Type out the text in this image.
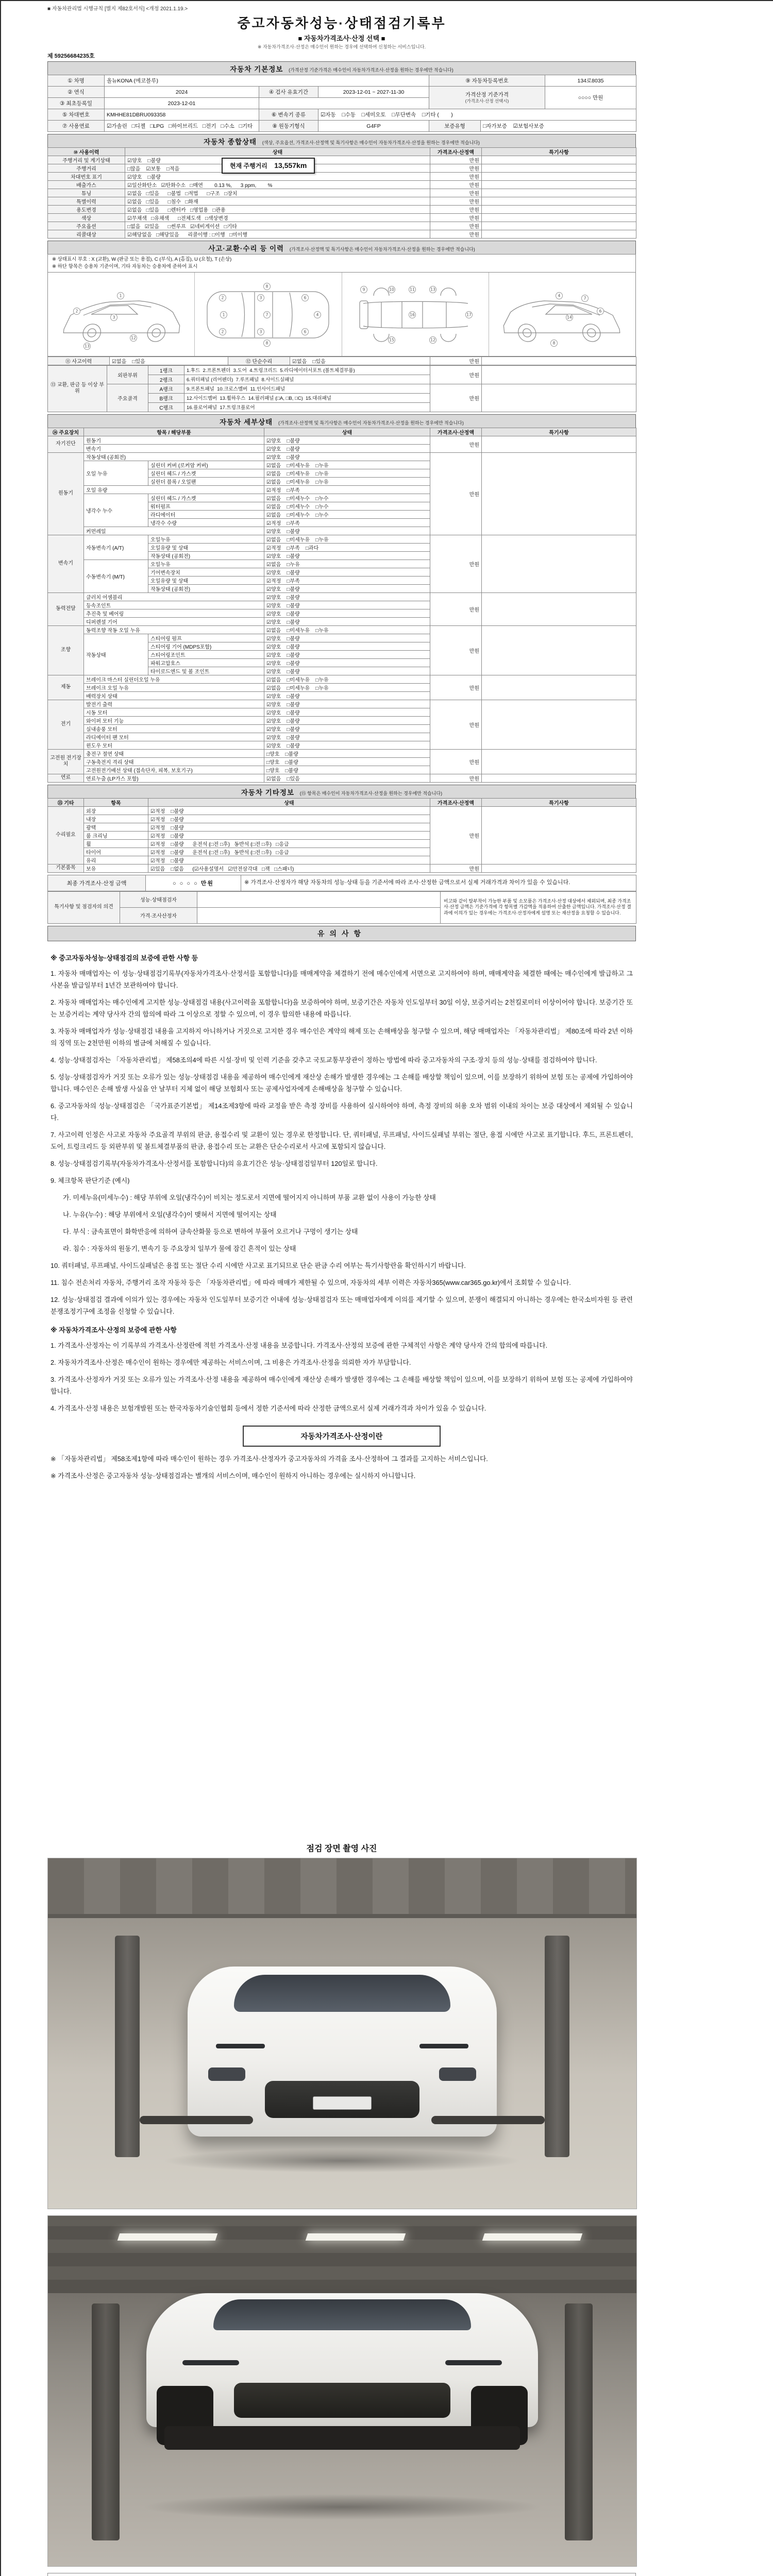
■ 자동차관리법 시행규칙 [별지 제82호서식] <개정 2021.1.19.>
중고자동차성능·상태점검기록부
■ 자동차가격조사·산정 선택 ■
※ 자동차가격조사·산정은 매수인이 원하는 경우에 선택하여 신청하는 서비스입니다.
제 59256684235호
자동차 기본정보 (가격산정 기준가격은 매수인이 자동차가격조사·산정을 원하는 경우에만 적습니다)
① 차명	올뉴KONA (에코블루)			⑨ 자동차등록번호		134로8035
② 연식	2024	④ 검사 유효기간	2023-12-01 ~ 2027-11-30	가격산정 기준가격
(가격조사·산정 선택시)		○○○○ 만원
③ 최초등록일	2023-12-01					
⑤ 차대번호	KMHHE81DBRU093358	⑥ 변속기 종류	☑자동    □수동    □세미오토    □무단변속    □기타 (        )			
⑦ 사용연료	☑가솔린   □디젤   □LPG   □하이브리드   □전기   □수소   □기타	⑧ 원동기형식	G4FP	보증유형	□자가보증    ☑보험사보증	
자동차 종합상태 (색상, 주요옵션, 가격조사·산정액 및 특기사항은 매수인이 자동차가격조사·산정을 원하는 경우에만 적습니다)
현재 주행거리 13,557km
⑩ 사용이력	상태	가격조사·산정액	특기사항
주행거리 및 계기상태	☑양호    □불량	만원	
주행거리	□많음    ☑보통    □적음	만원	
차대번호 표기	☑양호    □불량	만원	
배출가스	☑일산화탄소   ☑탄화수소   □매연        0.13 %,      3 ppm,        %	만원	
튜닝	☑없음   □있음      □불법   □적법      □구조   □장치	만원	
특별이력	☑없음   □있음      □침수   □화재	만원	
용도변경	☑없음   □있음      □렌터카   □영업용   □관용	만원	
색상	☑무채색   □유채색      □전체도색   □색상변경	만원	
주요옵션	□없음   ☑있음      □썬루프   ☑네비게이션   □기타	만원	
리콜대상	☑해당없음   □해당있음      리콜이행 : □이행   □미이행	만원	
사고·교환·수리 등 이력 (가격조사·산정액 및 특기사항은 매수인이 자동차가격조사·산정을 원하는 경우에만 적습니다)
※ 상태표시 부호 : X (교환), W (판금 또는 용접), C (부식), A (흠집), U (요철), T (손상)
※ 하단 항목은 승용차 기준이며, 기타 자동차는 승용차에 준하여 표시
1
2
3
13
12
1	7	4
2
2
3
3
6
6
8
8
9	10	11	13
16
15	12
17
4
6
14
8
7
⑪ 사고이력	☑없음    □있음	⑫ 단순수리	☑없음    □있음	만원	
⑬ 교환, 판금 등 이상 부위	외판부위	1랭크	1.후드  2.프론트펜더  3.도어  4.트렁크리드  5.라디에이터서포트 (볼트체결부품)	만원	
		2랭크	6.쿼터패널 (리어펜더)  7.루프패널  8.사이드실패널		
	주요골격	A랭크	9.프론트패널  10.크로스멤버  11.인사이드패널	만원	
		B랭크	12.사이드멤버  13.휠하우스  14.필러패널 (□A, □B, □C)  15.대쉬패널		
		C랭크	16.플로어패널  17.트렁크플로어		
자동차 세부상태 (가격조사·산정액 및 특기사항은 매수인이 자동차가격조사·산정을 원하는 경우에만 적습니다)
⑭ 주요장치	항목 / 해당부품		상태	가격조사·산정액	특기사항
자기진단	원동기		☑양호    □불량	만원	
	변속기		☑양호    □불량		
원동기	작동상태 (공회전)		☑양호    □불량	만원	
	오일 누유	실린더 커버 (로커암 커버)	☑없음    □미세누유    □누유		
		실린더 헤드 / 가스켓	☑없음    □미세누유    □누유		
		실린더 블록 / 오일팬	☑없음    □미세누유    □누유		
	오일 유량		☑적정    □부족		
	냉각수 누수	실린더 헤드 / 가스켓	☑없음    □미세누수    □누수		
		워터펌프	☑없음    □미세누수    □누수		
		라디에이터	☑없음    □미세누수    □누수		
		냉각수 수량	☑적정    □부족		
	커먼레일		☑양호    □불량		
변속기	자동변속기 (A/T)	오일누유	☑없음    □미세누유    □누유	만원	
		오일유량 및 상태	☑적정    □부족    □과다		
		작동상태 (공회전)	☑양호    □불량		
	수동변속기 (M/T)	오일누유	☑없음    □누유		
		기어변속장치	☑양호    □불량		
		오일유량 및 상태	☑적정    □부족		
		작동상태 (공회전)	☑양호    □불량		
동력전달	클러치 어셈블리		☑양호    □불량	만원	
	등속조인트		☑양호    □불량		
	추진축 및 베어링		☑양호    □불량		
	디퍼렌셜 기어		☑양호    □불량		
조향	동력조향 작동 오일 누유		☑없음    □미세누유    □누유	만원	
	작동상태	스티어링 펌프	☑양호    □불량		
		스티어링 기어 (MDPS포함)	☑양호    □불량		
		스티어링조인트	☑양호    □불량		
		파워고압호스	☑양호    □불량		
		타이로드엔드 및 볼 조인트	☑양호    □불량		
제동	브레이크 마스터 실린더오일 누유		☑없음    □미세누유    □누유	만원	
	브레이크 오일 누유		☑없음    □미세누유    □누유		
	배력장치 상태		☑양호    □불량		
전기	발전기 출력		☑양호    □불량	만원	
	시동 모터		☑양호    □불량		
	와이퍼 모터 기능		☑양호    □불량		
	실내송풍 모터		☑양호    □불량		
	라디에이터 팬 모터		☑양호    □불량		
	윈도우 모터		☑양호    □불량		
고전원 전기장치	충전구 절연 상태		□양호    □불량	만원	
	구동축전지 격리 상태		□양호    □불량		
	고전원전기배선 상태 (접속단자, 피복, 보호기구)		□양호    □불량		
연료	연료누출 (LP가스 포함)		☑없음    □있음	만원	
자동차 기타정보 (⑮ 항목은 매수인이 자동차가격조사·산정을 원하는 경우에만 적습니다)
⑮ 기타	항목	상태	가격조사·산정액	특기사항
수리필요	외장	☑적정    □불량	만원	
	내장	☑적정    □불량		
	광택	☑적정    □불량		
	룸 크리닝	☑적정    □불량		
	휠	☑적정    □불량      운전석 (□전 □후)   동반석 (□전 □후)   □응급		
	타이어	☑적정    □불량      운전석 (□전 □후)   동반석 (□전 □후)   □응급		
	유리	☑적정    □불량		
기본품목	보유	☑있음    □없음      (☑사용설명서   ☑안전삼각대   □잭   □스패너)	만원	
최종 가격조사·산정 금액	○ ○ ○ ○ 만원	※ 가격조사·산정자가 해당 자동차의 성능·상태 등을 기준서에 따라 조사·산정한 금액으로서 실제 거래가격과 차이가 있을 수 있습니다.
특기사항 및 점검자의 의견	성능·상태점검자		비고와 같이 탈부착이 가능한 부품 및 소모품은 가격조사·산정 대상에서 제외되며, 최종 가격조사·산정 금액은 기준가격에 각 항목별 가감액을 적용하여 산출한 금액입니다. 가격조사·산정 결과에 이의가 있는 경우에는 가격조사·산정자에게 설명 또는 재산정을 요청할 수 있습니다.
	가격·조사산정자		
유의사항

※ 중고자동차성능·상태점검의 보증에 관한 사항 등

1. 자동차 매매업자는 이 성능·상태점검기록부(자동차가격조사·산정서를 포함합니다)를 매매계약을 체결하기 전에 매수인에게 서면으로 고지하여야 하며, 매매계약을 체결한 때에는 매수인에게 발급하고 그 사본을 발급일부터 1년간 보관하여야 합니다.

2. 자동차 매매업자는 매수인에게 고지한 성능·상태점검 내용(사고이력을 포함합니다)을 보증하여야 하며, 보증기간은 자동차 인도일부터 30일 이상, 보증거리는 2천킬로미터 이상이어야 합니다. 보증기간 또는 보증거리는 계약 당사자 간의 합의에 따라 그 이상으로 정할 수 있으며, 이 경우 합의한 내용에 따릅니다.

3. 자동차 매매업자가 성능·상태점검 내용을 고지하지 아니하거나 거짓으로 고지한 경우 매수인은 계약의 해제 또는 손해배상을 청구할 수 있으며, 해당 매매업자는 「자동차관리법」 제80조에 따라 2년 이하의 징역 또는 2천만원 이하의 벌금에 처해질 수 있습니다.

4. 성능·상태점검자는 「자동차관리법」 제58조의4에 따른 시설·장비 및 인력 기준을 갖추고 국토교통부장관이 정하는 방법에 따라 중고자동차의 구조·장치 등의 성능·상태를 점검하여야 합니다.

5. 성능·상태점검자가 거짓 또는 오류가 있는 성능·상태점검 내용을 제공하여 매수인에게 재산상 손해가 발생한 경우에는 그 손해를 배상할 책임이 있으며, 이를 보장하기 위하여 보험 또는 공제에 가입하여야 합니다. 매수인은 손해 발생 사실을 안 날부터 지체 없이 해당 보험회사 또는 공제사업자에게 손해배상을 청구할 수 있습니다.

6. 중고자동차의 성능·상태점검은 「국가표준기본법」 제14조제3항에 따라 교정을 받은 측정 장비를 사용하여 실시하여야 하며, 측정 장비의 허용 오차 범위 이내의 차이는 보증 대상에서 제외될 수 있습니다.

7. 사고이력 인정은 사고로 자동차 주요골격 부위의 판금, 용접수리 및 교환이 있는 경우로 한정합니다. 단, 쿼터패널, 루프패널, 사이드실패널 부위는 절단, 용접 시에만 사고로 표기합니다. 후드, 프론트펜더, 도어, 트렁크리드 등 외판부위 및 볼트체결부품의 판금, 용접수리 또는 교환은 단순수리로서 사고에 포함되지 않습니다.

8. 성능·상태점검기록부(자동차가격조사·산정서를 포함합니다)의 유효기간은 성능·상태점검일부터 120일로 합니다.

9. 체크항목 판단기준 (예시)

가. 미세누유(미세누수) : 해당 부위에 오일(냉각수)이 비치는 정도로서 지면에 떨어지지 아니하며 부품 교환 없이 사용이 가능한 상태

나. 누유(누수) : 해당 부위에서 오일(냉각수)이 맺혀서 지면에 떨어지는 상태

다. 부식 : 금속표면이 화학반응에 의하여 금속산화물 등으로 변하여 부풀어 오르거나 구멍이 생기는 상태

라. 침수 : 자동차의 원동기, 변속기 등 주요장치 일부가 물에 잠긴 흔적이 있는 상태

10. 쿼터패널, 루프패널, 사이드실패널은 용접 또는 절단 수리 시에만 사고로 표기되므로 단순 판금 수리 여부는 특기사항란을 확인하시기 바랍니다.

11. 침수 전손처리 자동차, 주행거리 조작 자동차 등은 「자동차관리법」에 따라 매매가 제한될 수 있으며, 자동차의 세부 이력은 자동차365(www.car365.go.kr)에서 조회할 수 있습니다.

12. 성능·상태점검 결과에 이의가 있는 경우에는 자동차 인도일부터 보증기간 이내에 성능·상태점검자 또는 매매업자에게 이의를 제기할 수 있으며, 분쟁이 해결되지 아니하는 경우에는 한국소비자원 등 관련 분쟁조정기구에 조정을 신청할 수 있습니다.

※ 자동차가격조사·산정의 보증에 관한 사항

1. 가격조사·산정자는 이 기록부의 가격조사·산정란에 적힌 가격조사·산정 내용을 보증합니다. 가격조사·산정의 보증에 관한 구체적인 사항은 계약 당사자 간의 합의에 따릅니다.

2. 자동차가격조사·산정은 매수인이 원하는 경우에만 제공하는 서비스이며, 그 비용은 가격조사·산정을 의뢰한 자가 부담합니다.

3. 가격조사·산정자가 거짓 또는 오류가 있는 가격조사·산정 내용을 제공하여 매수인에게 재산상 손해가 발생한 경우에는 그 손해를 배상할 책임이 있으며, 이를 보장하기 위하여 보험 또는 공제에 가입하여야 합니다.

4. 가격조사·산정 내용은 보험개발원 또는 한국자동차기술인협회 등에서 정한 기준서에 따라 산정한 금액으로서 실제 거래가격과 차이가 있을 수 있습니다.

자동차가격조사·산정이란

※ 「자동차관리법」 제58조제1항에 따라 매수인이 원하는 경우 가격조사·산정자가 중고자동차의 가격을 조사·산정하여 그 결과를 고지하는 서비스입니다.

※ 가격조사·산정은 중고자동차 성능·상태점검과는 별개의 서비스이며, 매수인이 원하지 아니하는 경우에는 실시하지 아니합니다.

점검 장면 촬영 사진
